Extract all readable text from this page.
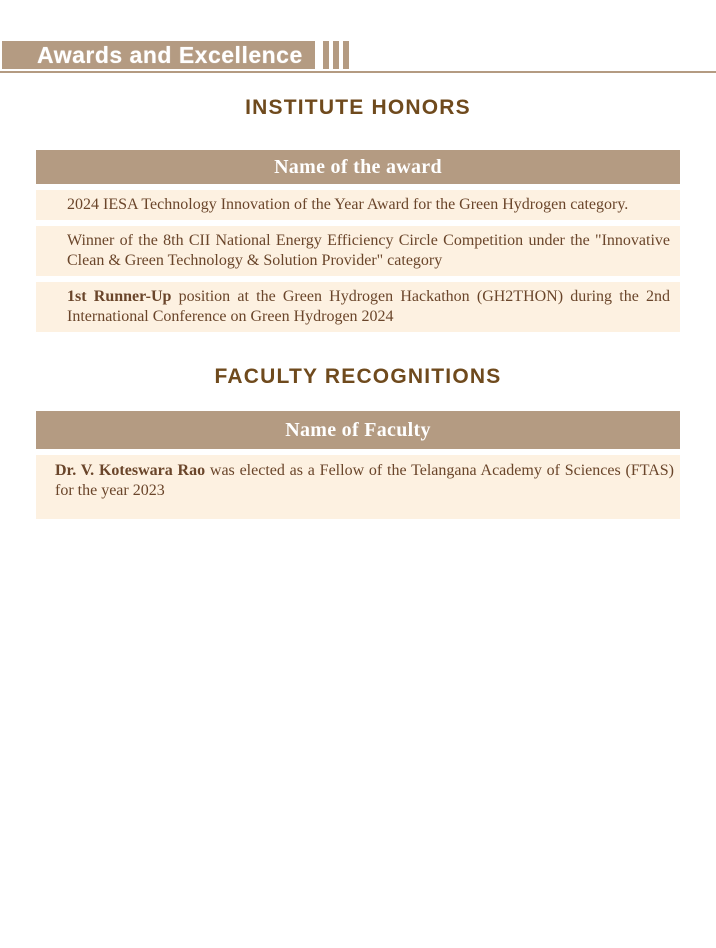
Awards and Excellence
INSTITUTE HONORS
Name of the award
2024 IESA Technology Innovation of the Year Award for the Green Hydrogen category.
Winner of the 8th CII National Energy Efficiency Circle Competition under the "Innovative Clean & Green Technology & Solution Provider" category
1st Runner-Up position at the Green Hydrogen Hackathon (GH2THON) during the 2nd International Conference on Green Hydrogen 2024
FACULTY RECOGNITIONS
Name of Faculty
Dr. V. Koteswara Rao was elected as a Fellow of the Telangana Academy of Sciences (FTAS) for the year 2023
